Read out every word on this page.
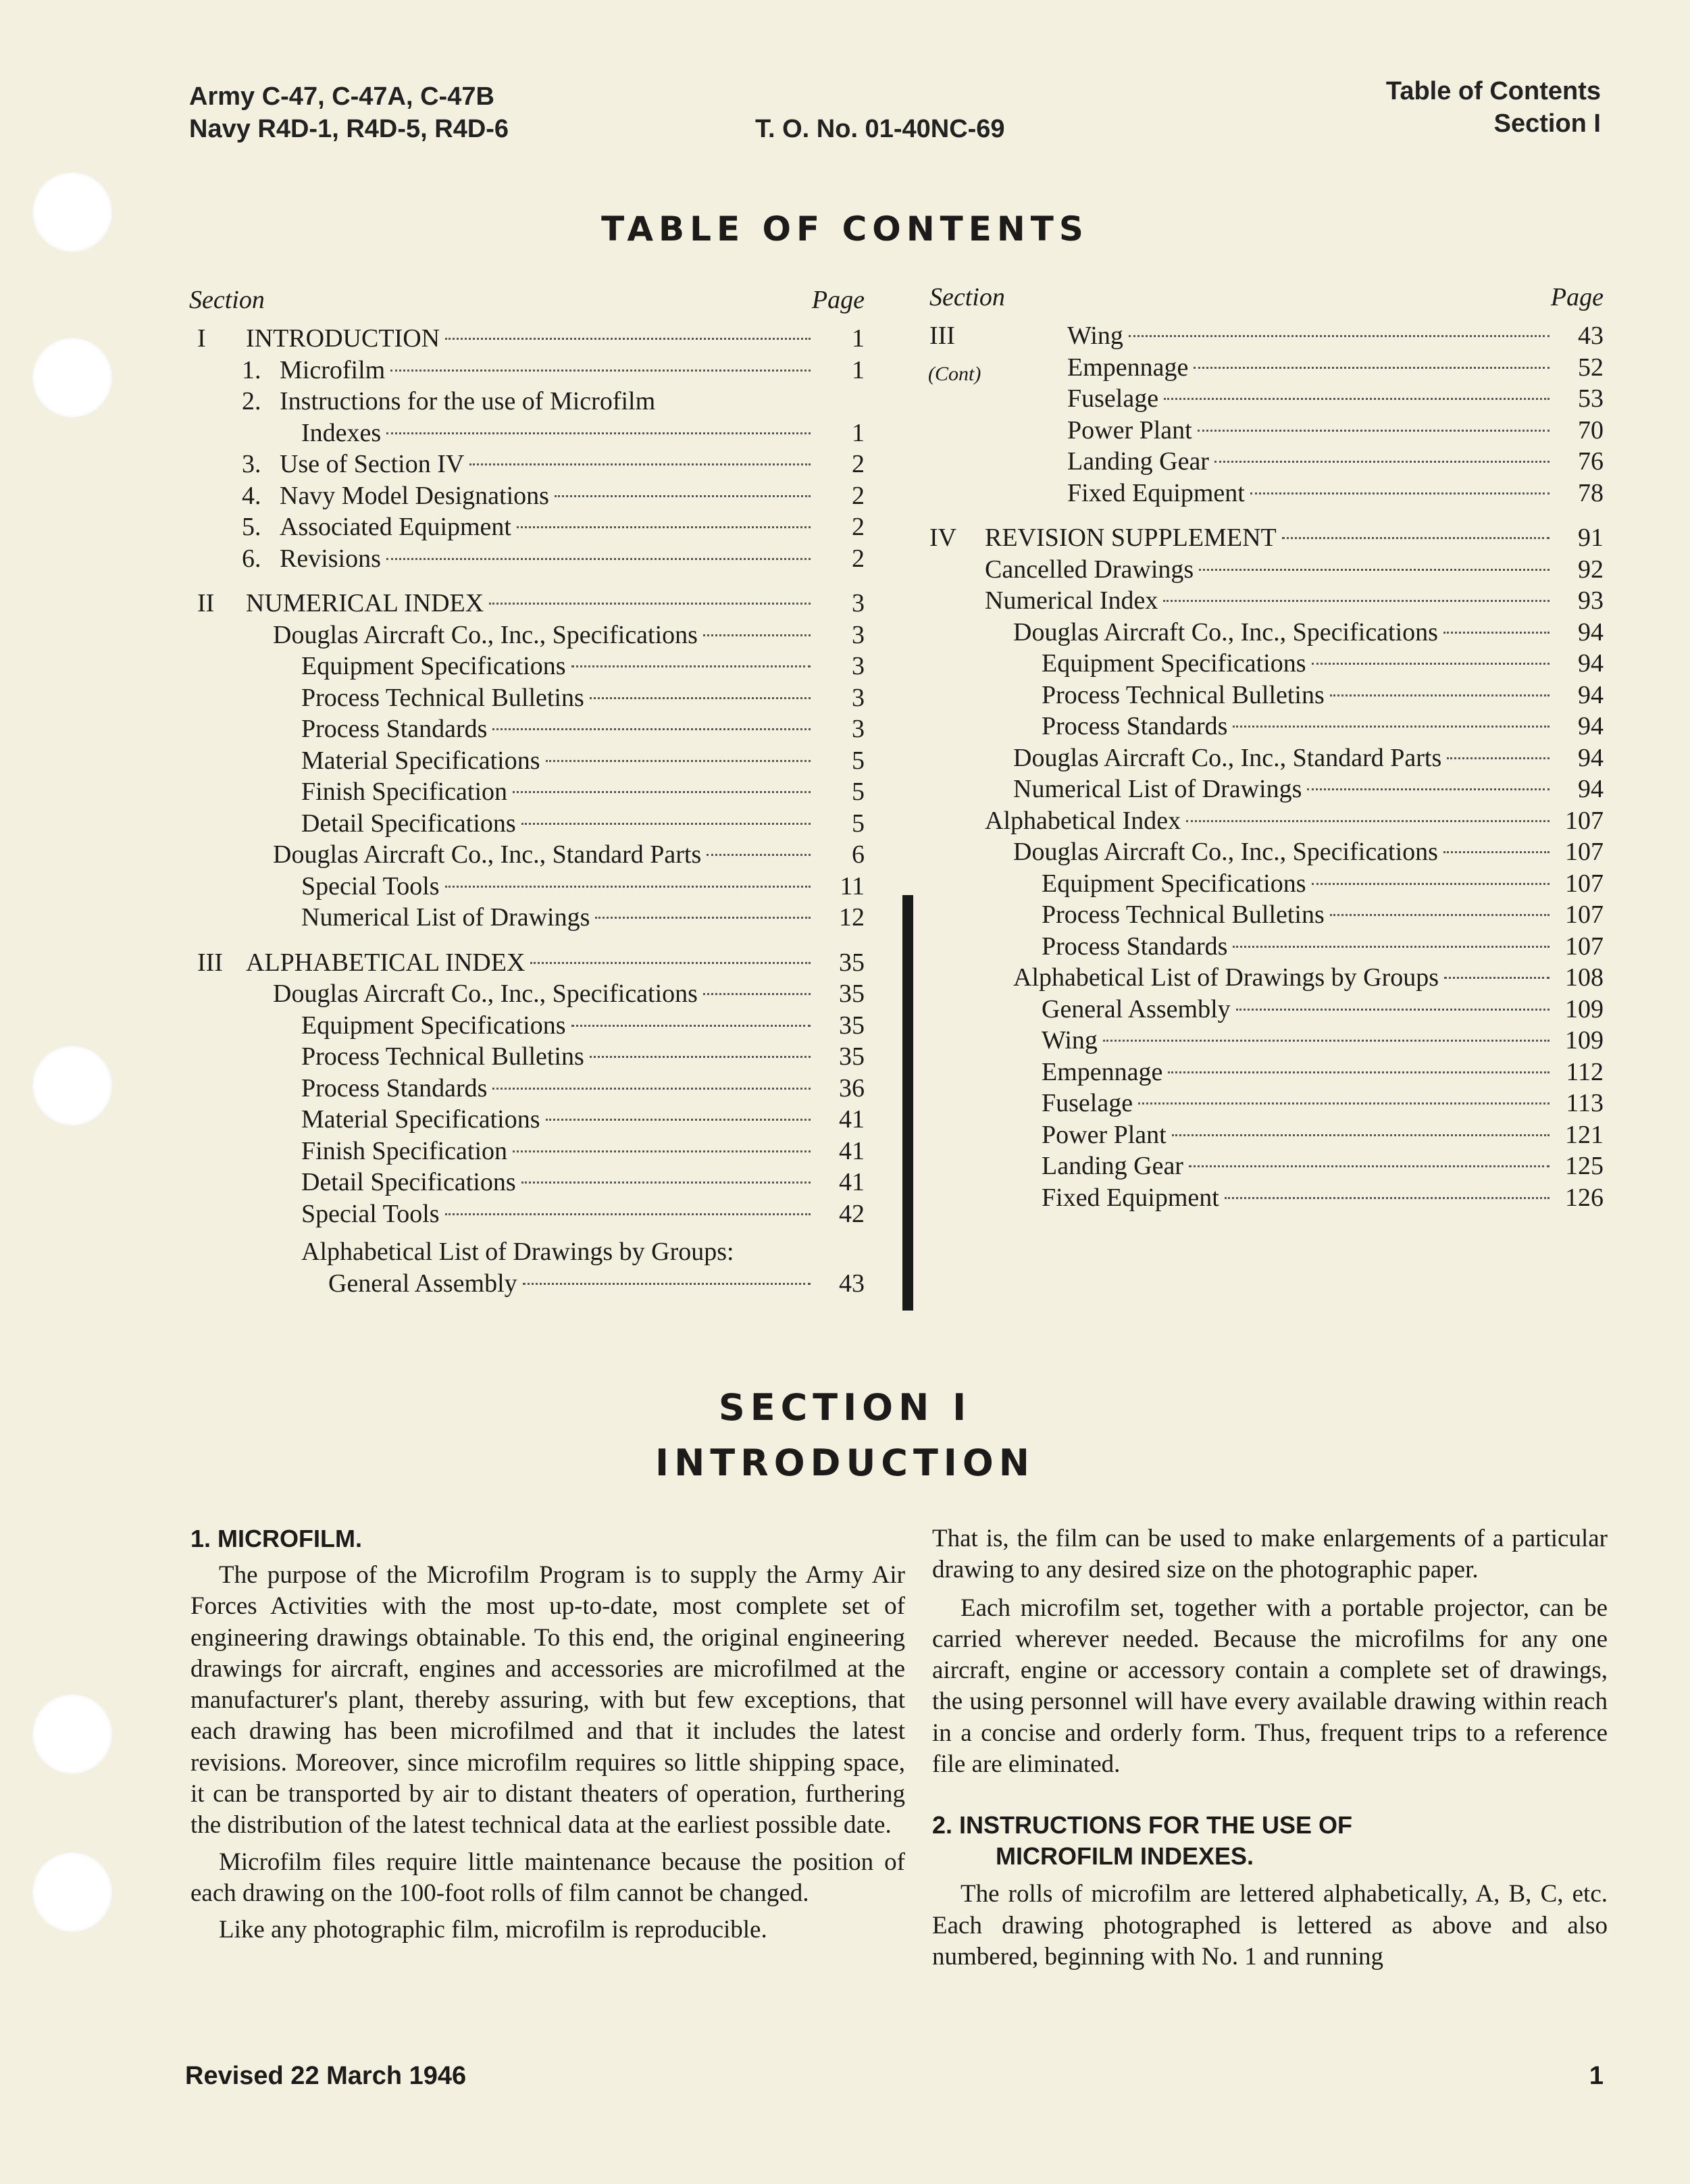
Army C-47, C-47A, C-47B
Navy R4D-1, R4D-5, R4D-6	T. O. No. 01-40NC-69
Table of Contents
Section I
TABLE OF CONTENTS
Section	Page
I	INTRODUCTION	1
1. Microfilm	1
2. Instructions for the use of Microfilm
Indexes	1
3. Use of Section IV	2
4. Navy Model Designations	2
5. Associated Equipment	2
6. Revisions	2
II	NUMERICAL INDEX	3
Douglas Aircraft Co., Inc., Specifications	3
Equipment Specifications	3
Process Technical Bulletins	3
Process Standards	3
Material Specifications	5
Finish Specification	5
Detail Specifications	5
Douglas Aircraft Co., Inc., Standard Parts	6
Special Tools	11
Numerical List of Drawings	12
III ALPHABETICAL INDEX	35
Douglas Aircraft Co., Inc., Specifications	35
Equipment Specifications	35
Process Technical Bulletins	35
Process Standards	36
Material Specifications	41
Finish Specification	41
Detail Specifications	41
Special Tools	42
Alphabetical List of Drawings by Groups:
General Assembly	43
Section	Page
III	Wing	43
Empennage	52
Fuselage	53
Power Plant	70
Landing Gear	76
Fixed Equipment	78
IV	REVISION SUPPLEMENT	91
Cancelled Drawings	92
Numerical Index	93
Douglas Aircraft Co., Inc., Specifications	94
Equipment Specifications	94
Process Technical Bulletins	94
Process Standards	94
Douglas Aircraft Co., Inc., Standard Parts	94
Numerical List of Drawings	94
Alphabetical Index	107
Douglas Aircraft Co., Inc., Specifications	107
Equipment Specifications	107
Process Technical Bulletins	107
Process Standards	107
Alphabetical List of Drawings by Groups	108
General Assembly	109
Wing	109
Empennage	112
Fuselage	113
Power Plant	121
Landing Gear	125
Fixed Equipment	126
(Cont)
SECTION I
INTRODUCTION

1. MICROFILM.

The purpose of the Microfilm Program is to supply the Army Air Forces Activities with the most up-to-date, most complete set of engineering drawings obtainable. To this end, the original engineering drawings for aircraft, engines and accessories are microfilmed at the manufacturer's plant, thereby assuring, with but few exceptions, that each drawing has been microfilmed and that it includes the latest revisions. Moreover, since microfilm requires so little shipping space, it can be transported by air to distant theaters of operation, furthering the distribution of the latest technical data at the earliest possible date.

Microfilm files require little maintenance because the position of each drawing on the 100-foot rolls of film cannot be changed.

Like any photographic film, microfilm is reproducible.

That is, the film can be used to make enlargements of a particular drawing to any desired size on the photographic paper.

Each microfilm set, together with a portable projector, can be carried wherever needed. Because the microfilms for any one aircraft, engine or accessory contain a complete set of drawings, the using personnel will have every available drawing within reach in a concise and orderly form. Thus, frequent trips to a reference file are eliminated.

2. INSTRUCTIONS FOR THE USE OF
MICROFILM INDEXES.

The rolls of microfilm are lettered alphabetically, A, B, C, etc. Each drawing photographed is lettered as above and also numbered, beginning with No. 1 and running

Revised 22 March 1946	1
